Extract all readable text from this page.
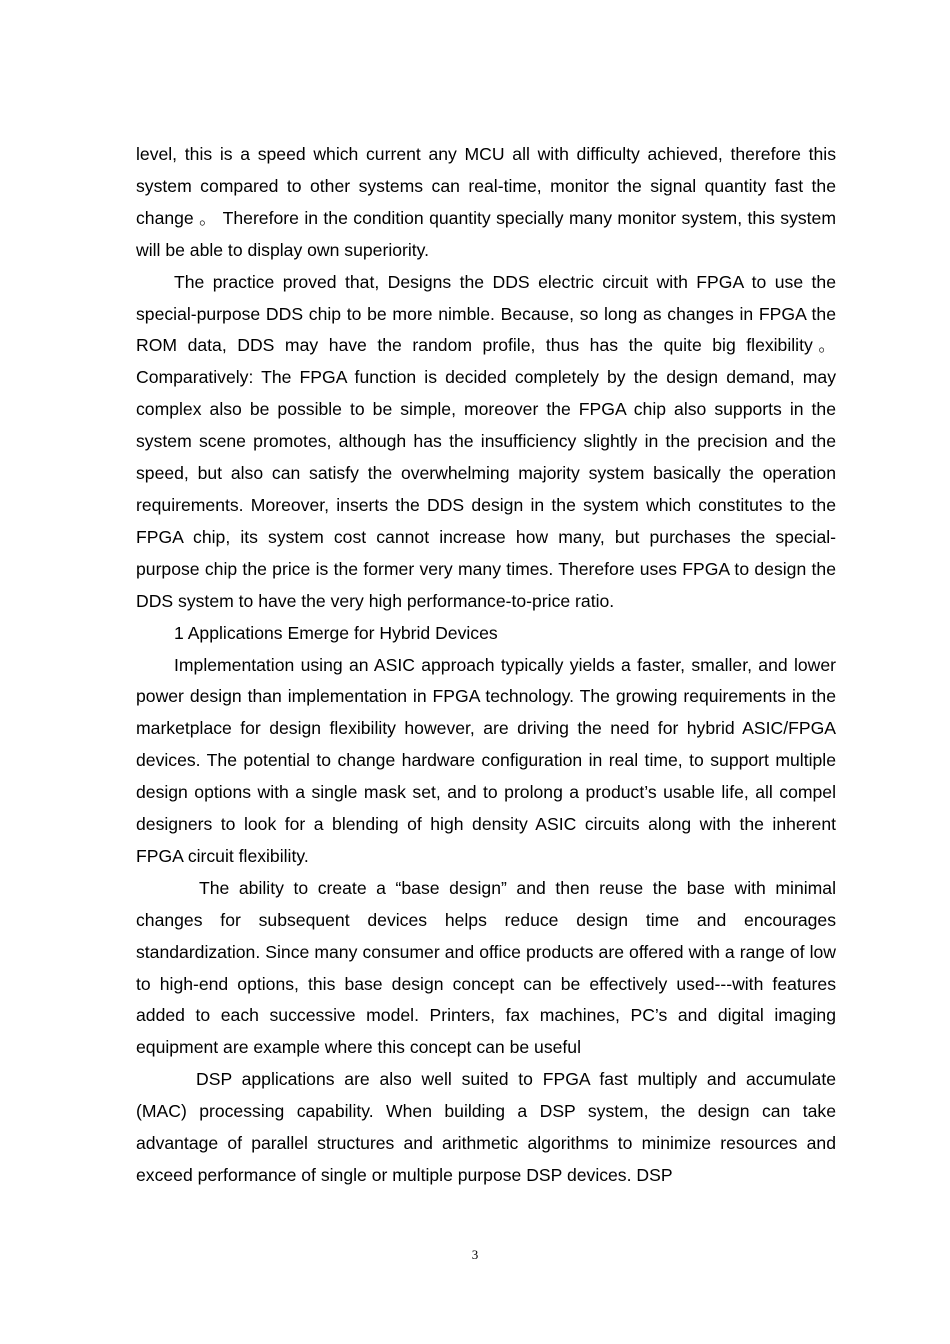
level, this is a speed which current any MCU all with difficulty achieved, therefore this system compared to other systems can real-time, monitor the signal quantity fast the change 。 Therefore in the condition quantity specially many monitor system, this system will be able to display own superiority.

The practice proved that, Designs the DDS electric circuit with FPGA to use the special-purpose DDS chip to be more nimble. Because, so long as changes in FPGA the ROM data, DDS may have the random profile, thus has the quite big flexibility。Comparatively: The FPGA function is decided completely by the design demand, may complex also be possible to be simple, moreover the FPGA chip also supports in the system scene promotes, although has the insufficiency slightly in the precision and the speed, but also can satisfy the overwhelming majority system basically the operation requirements. Moreover, inserts the DDS design in the system which constitutes to the FPGA chip, its system cost cannot increase how many, but purchases the special-purpose chip the price is the former very many times. Therefore uses FPGA to design the DDS system to have the very high performance-to-price ratio.

1 Applications Emerge for Hybrid Devices

Implementation using an ASIC approach typically yields a faster, smaller, and lower power design than implementation in FPGA technology. The growing requirements in the marketplace for design flexibility however, are driving the need for hybrid ASIC/FPGA devices. The potential to change hardware configuration in real time, to support multiple design options with a single mask set, and to prolong a product’s usable life, all compel designers to look for a blending of high density ASIC circuits along with the inherent FPGA circuit flexibility.

The ability to create a “base design” and then reuse the base with minimal changes for subsequent devices helps reduce design time and encourages standardization. Since many consumer and office products are offered with a range of low to high-end options, this base design concept can be effectively used---with features added to each successive model. Printers, fax machines, PC’s and digital imaging equipment are example where this concept can be useful

DSP applications are also well suited to FPGA fast multiply and accumulate (MAC) processing capability. When building a DSP system, the design can take advantage of parallel structures and arithmetic algorithms to minimize resources and exceed performance of single or multiple purpose DSP devices. DSP

3
